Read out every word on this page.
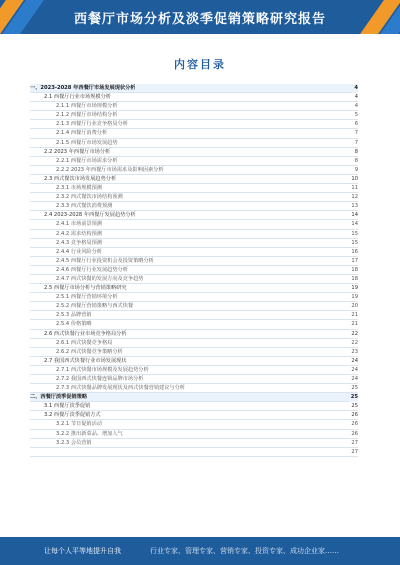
西餐厅市场分析及淡季促销策略研究报告
内容目录
一、2023-2028 年西餐厅市场发展现状分析	4
2.1 西餐厅行业市场规模分析	4
2.1.1 西餐厅市场规模分析	4
2.1.2 西餐厅市场结构分析	5
2.1.3 西餐厅行业竞争格局分析	6
2.1.4 西餐厅消费分析	7
2.1.5 西餐厅市场发展趋势	7
2.2 2023 年西餐厅市场分析	8
2.2.1 西餐厅市场需求分析	8
2.2.2 2023 年西餐厅市场需求及影响因素分析	9
2.3 西式餐饮市场发展趋势分析	10
2.3.1 市场规模预测	11
2.3.2 西式餐饮市场结构预测	12
2.3.3 西式餐饮消费预测	13
2.4 2023-2028 年西餐厅发展趋势分析	14
2.4.1 市场前景预测	14
2.4.2 需求结构预测	15
2.4.3 竞争格局预测	15
2.4.4 行业风险分析	16
2.4.5 西餐厅行业投资机会及投资策略分析	17
2.4.6 西餐厅行业发展趋势分析	18
2.4.7 西式快餐的发展方向及竞争趋势	18
2.5 西餐厅市场分析与营销策略研究	19
2.5.1 西餐厅营销环境分析	19
2.5.2 西餐厅营销策略与西式快餐	20
2.5.3 品牌营销	21
2.5.4 价格策略	21
2.6 西式快餐行业市场竞争格局分析	22
2.6.1 西式快餐竞争格局	22
2.6.2 西式快餐竞争策略分析	23
2.7 我国西式快餐行业市场发展现状	24
2.7.1 西式快餐市场规模及发展趋势分析	24
2.7.2 我国西式快餐连锁品牌市场分析	24
2.7.3 西式快餐品牌发展现状及西式快餐营销建议与分析	25
二、西餐厅淡季促销策略	25
3.1 西餐厅淡季促销	25
3.2 西餐厅淡季促销方式	26
3.2.1 节日促销活动	26
3.2.2 推出新菜品、增加人气	26
3.2.3 会员营销	27
27
让每个人平等地提升自我	行业专家、管理专家、营销专家、投资专家、成功企业家……
